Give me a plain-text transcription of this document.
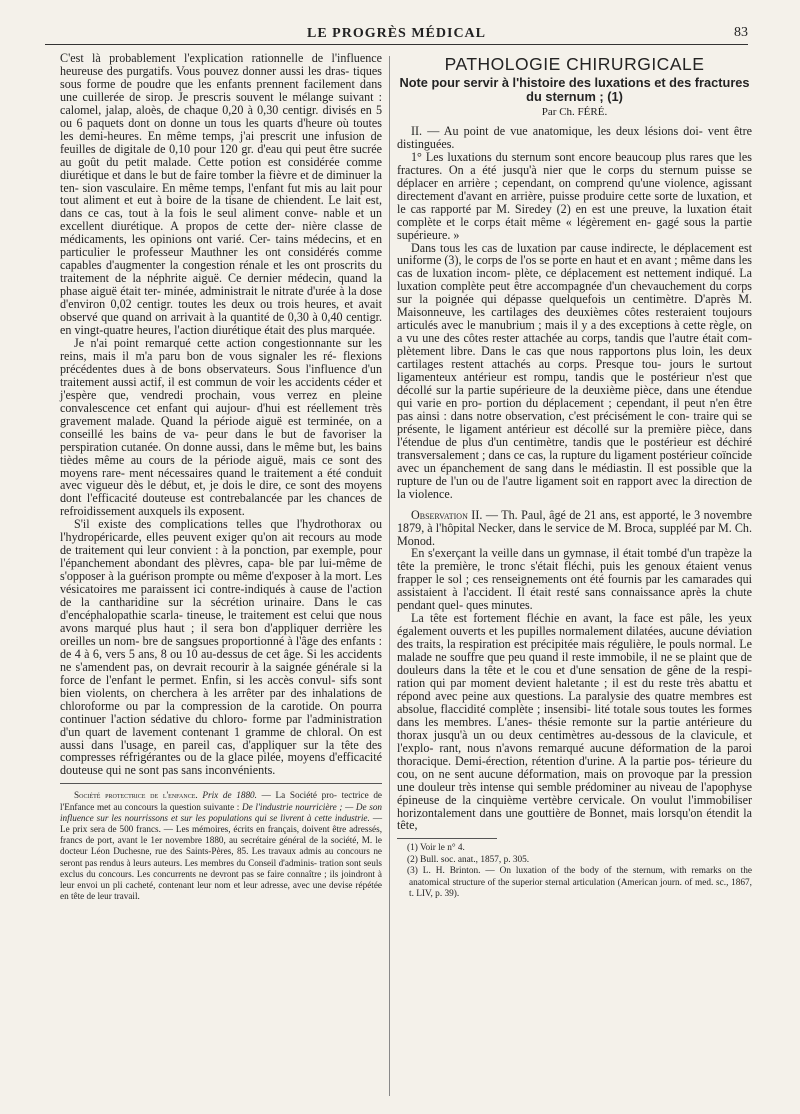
LE PROGRÈS MÉDICAL	83

C'est là probablement l'explication rationnelle de l'influence heureuse des purgatifs. Vous pouvez donner aussi les dras- tiques sous forme de poudre que les enfants prennent facilement dans une cuillerée de sirop. Je prescris souvent le mélange suivant : calomel, jalap, aloès, de chaque 0,20 à 0,30 centigr. divisés en 5 ou 6 paquets dont on donne un tous les quarts d'heure où toutes les demi-heures. En même temps, j'ai prescrit une infusion de feuilles de digitale de 0,10 pour 120 gr. d'eau qui peut être sucrée au goût du petit malade. Cette potion est considérée comme diurétique et dans le but de faire tomber la fièvre et de diminuer la ten- sion vasculaire. En même temps, l'enfant fut mis au lait pour tout aliment et eut à boire de la tisane de chiendent. Le lait est, dans ce cas, tout à la fois le seul aliment conve- nable et un excellent diurétique. A propos de cette der- nière classe de médicaments, les opinions ont varié. Cer- tains médecins, et en particulier le professeur Mauthner les ont considérés comme capables d'augmenter la congestion rénale et les ont proscrits du traitement de la néphrite aiguë. Ce dernier médecin, quand la phase aiguë était ter- minée, administrait le nitrate d'urée à la dose d'environ 0,02 centigr. toutes les deux ou trois heures, et avait observé que quand on arrivait à la quantité de 0,30 à 0,40 centigr. en vingt-quatre heures, l'action diurétique était des plus marquée.

Je n'ai point remarqué cette action congestionnante sur les reins, mais il m'a paru bon de vous signaler les ré- flexions précédentes dues à de bons observateurs. Sous l'influence d'un traitement aussi actif, il est commun de voir les accidents céder et j'espère que, vendredi prochain, vous verrez en pleine convalescence cet enfant qui aujour- d'hui est réellement très gravement malade. Quand la période aiguë est terminée, on a conseillé les bains de va- peur dans le but de favoriser la perspiration cutanée. On donne aussi, dans le même but, les bains tièdes même au cours de la période aiguë, mais ce sont des moyens rare- ment nécessaires quand le traitement a été conduit avec vigueur dès le début, et, je dois le dire, ce sont des moyens dont l'efficacité douteuse est contrebalancée par les chances de refroidissement auxquels ils exposent.

S'il existe des complications telles que l'hydrothorax ou l'hydropéricarde, elles peuvent exiger qu'on ait recours au mode de traitement qui leur convient : à la ponction, par exemple, pour l'épanchement abondant des plèvres, capa- ble par lui-même de s'opposer à la guérison prompte ou même d'exposer à la mort. Les vésicatoires me paraissent ici contre-indiqués à cause de l'action de la cantharidine sur la sécrétion urinaire. Dans le cas d'encéphalopathie scarla- tineuse, le traitement est celui que nous avons marqué plus haut ; il sera bon d'appliquer derrière les oreilles un nom- bre de sangsues proportionné à l'âge des enfants : de 4 à 6, vers 5 ans, 8 ou 10 au-dessus de cet âge. Si les accidents ne s'amendent pas, on devrait recourir à la saignée générale si la force de l'enfant le permet. Enfin, si les accès convul- sifs sont bien violents, on cherchera à les arrêter par des inhalations de chloroforme ou par la compression de la carotide. On pourra continuer l'action sédative du chloro- forme par l'administration d'un quart de lavement contenant 1 gramme de chloral. On est aussi dans l'usage, en pareil cas, d'appliquer sur la tête des compresses réfrigérantes ou de la glace pilée, moyens d'efficacité douteuse qui ne sont pas sans inconvénients.

Société protectrice de l'enfance. Prix de 1880. — La Société pro- tectrice de l'Enfance met au concours la question suivante : De l'industrie nourricière ; — De son influence sur les nourrissons et sur les populations qui se livrent à cette industrie. — Le prix sera de 500 francs. — Les mémoires, écrits en français, doivent être adressés, francs de port, avant le 1er novembre 1880, au secrétaire général de la société, M. le docteur Léon Duchesne, rue des Saints-Pères, 85. Les travaux admis au concours ne seront pas rendus à leurs auteurs. Les membres du Conseil d'adminis- tration sont seuls exclus du concours. Les concurrents ne devront pas se faire connaître ; ils joindront à leur envoi un pli cacheté, contenant leur nom et leur adresse, avec une devise répétée en tête de leur travail.
PATHOLOGIE CHIRURGICALE
Note pour servir à l'histoire des luxations et des fractures du sternum ; (1)
Par Ch. FÉRÉ.

II. — Au point de vue anatomique, les deux lésions doi- vent être distinguées.

1° Les luxations du sternum sont encore beaucoup plus rares que les fractures. On a été jusqu'à nier que le corps du sternum puisse se déplacer en arrière ; cependant, on comprend qu'une violence, agissant directement d'avant en arrière, puisse produire cette sorte de luxation, et le cas rapporté par M. Siredey (2) en est une preuve, la luxation était complète et le corps était même « légèrement en- gagé sous la partie supérieure. »

Dans tous les cas de luxation par cause indirecte, le déplacement est uniforme (3), le corps de l'os se porte en haut et en avant ; même dans les cas de luxation incom- plète, ce déplacement est nettement indiqué. La luxation complète peut être accompagnée d'un chevauchement du corps sur la poignée qui dépasse quelquefois un centimètre. D'après M. Maisonneuve, les cartilages des deuxièmes côtes resteraient toujours articulés avec le manubrium ; mais il y a des exceptions à cette règle, on a vu une des côtes rester attachée au corps, tandis que l'autre était com- plètement libre. Dans le cas que nous rapportons plus loin, les deux cartilages restent attachés au corps. Presque tou- jours le surtout ligamenteux antérieur est rompu, tandis que le postérieur n'est que décollé sur la partie supérieure de la deuxième pièce, dans une étendue qui varie en pro- portion du déplacement ; cependant, il peut n'en être pas ainsi : dans notre observation, c'est précisément le con- traire qui se présente, le ligament antérieur est décollé sur la première pièce, dans l'étendue de plus d'un centimètre, tandis que le postérieur est déchiré transversalement ; dans ce cas, la rupture du ligament postérieur coïncide avec un épanchement de sang dans le médiastin. Il est possible que la rupture de l'un ou de l'autre ligament soit en rapport avec la direction de la violence.

Observation II. — Th. Paul, âgé de 21 ans, est apporté, le 3 novembre 1879, à l'hôpital Necker, dans le service de M. Broca, suppléé par M. Ch. Monod.

En s'exerçant la veille dans un gymnase, il était tombé d'un trapèze la tête la première, le tronc s'était fléchi, puis les genoux étaient venus frapper le sol ; ces renseignements ont été fournis par les camarades qui assistaient à l'accident. Il était resté sans connaissance après la chute pendant quel- ques minutes.

La tête est fortement fléchie en avant, la face est pâle, les yeux également ouverts et les pupilles normalement dilatées, aucune déviation des traits, la respiration est précipitée mais régulière, le pouls normal. Le malade ne souffre que peu quand il reste immobile, il ne se plaint que de douleurs dans la tête et le cou et d'une sensation de gêne de la respi- ration qui par moment devient haletante ; il est du reste très abattu et répond avec peine aux questions. La paralysie des quatre membres est absolue, flaccidité complète ; insensibi- lité totale sous toutes les formes dans les membres. L'anes- thésie remonte sur la partie antérieure du thorax jusqu'à un ou deux centimètres au-dessous de la clavicule, et l'explo- rant, nous n'avons remarqué aucune déformation de la paroi thoracique. Demi-érection, rétention d'urine. A la partie pos- térieure du cou, on ne sent aucune déformation, mais on provoque par la pression une douleur très intense qui semble prédominer au niveau de l'apophyse épineuse de la cinquième vertèbre cervicale. On voulut l'immobiliser horizontalement dans une gouttière de Bonnet, mais lorsqu'on étendit la tête,

(1) Voir le n° 4.
(2) Bull. soc. anat., 1857, p. 305.
(3) L. H. Brinton. — On luxation of the body of the sternum, with remarks on the anatomical structure of the superior sternal articulation (American journ. of med. sc., 1867, t. LIV, p. 39).
